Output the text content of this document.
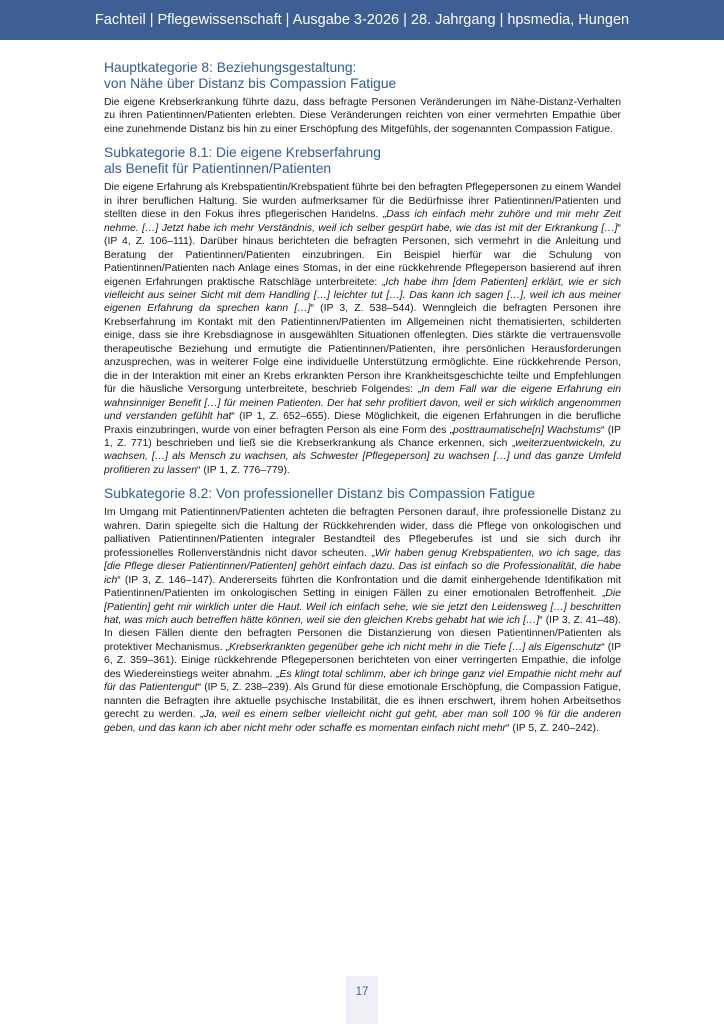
Fachteil | Pflegewissenschaft | Ausgabe 3-2026 | 28. Jahrgang | hpsmedia, Hungen
Hauptkategorie 8: Beziehungsgestaltung:
von Nähe über Distanz bis Compassion Fatigue

Die eigene Krebserkrankung führte dazu, dass befragte Personen Veränderungen im Nähe-Distanz-Verhalten zu ihren Patientinnen/Patienten erlebten. Diese Veränderungen reichten von einer vermehrten Empathie über eine zunehmende Distanz bis hin zu einer Erschöpfung des Mitgefühls, der sogenannten Compassion Fatigue.

Subkategorie 8.1: Die eigene Krebserfahrung
als Benefit für Patientinnen/Patienten

Die eigene Erfahrung als Krebspatientin/Krebspatient führte bei den befragten Pflegepersonen zu einem Wandel in ihrer beruflichen Haltung. Sie wurden aufmerksamer für die Bedürfnisse ihrer Patientinnen/Patienten und stellten diese in den Fokus ihres pflegerischen Handelns. „Dass ich einfach mehr zuhöre und mir mehr Zeit nehme. […] Jetzt habe ich mehr Verständnis, weil ich selber gespürt habe, wie das ist mit der Erkrankung […]“ (IP 4, Z. 106–111). Darüber hinaus berichteten die befragten Personen, sich vermehrt in die Anleitung und Beratung der Patientinnen/Patienten einzubringen. Ein Beispiel hierfür war die Schulung von Patientinnen/Patienten nach Anlage eines Stomas, in der eine rückkehrende Pflegeperson basierend auf ihren eigenen Erfahrungen praktische Ratschläge unterbreitete: „Ich habe ihm [dem Patienten] erklärt, wie er sich vielleicht aus seiner Sicht mit dem Handling […] leichter tut […]. Das kann ich sagen […], weil ich aus meiner eigenen Erfahrung da sprechen kann […]“ (IP 3, Z. 538–544). Wenngleich die befragten Personen ihre Krebserfahrung im Kontakt mit den Patientinnen/Patienten im Allgemeinen nicht thematisierten, schilderten einige, dass sie ihre Krebsdiagnose in ausgewählten Situationen offenlegten. Dies stärkte die vertrauensvolle therapeutische Beziehung und ermutigte die Patientinnen/Patienten, ihre persönlichen Herausforderungen anzusprechen, was in weiterer Folge eine individuelle Unterstützung ermöglichte. Eine rückkehrende Person, die in der Interaktion mit einer an Krebs erkrankten Person ihre Krankheitsgeschichte teilte und Empfehlungen für die häusliche Versorgung unterbreitete, beschrieb Folgendes: „In dem Fall war die eigene Erfahrung ein wahnsinniger Benefit […] für meinen Patienten. Der hat sehr profitiert davon, weil er sich wirklich angenommen und verstanden gefühlt hat“ (IP 1, Z. 652–655). Diese Möglichkeit, die eigenen Erfahrungen in die berufliche Praxis einzubringen, wurde von einer befragten Person als eine Form des „posttraumatische[n] Wachstums“ (IP 1, Z. 771) beschrieben und ließ sie die Krebserkrankung als Chance erkennen, sich „weiterzuentwickeln, zu wachsen, […] als Mensch zu wachsen, als Schwester [Pflegeperson] zu wachsen […] und das ganze Umfeld profitieren zu lassen“ (IP 1, Z. 776–779).

Subkategorie 8.2: Von professioneller Distanz bis Compassion Fatigue

Im Umgang mit Patientinnen/Patienten achteten die befragten Personen darauf, ihre professionelle Distanz zu wahren. Darin spiegelte sich die Haltung der Rückkehrenden wider, dass die Pflege von onkologischen und palliativen Patientinnen/Patienten integraler Bestandteil des Pflegeberufes ist und sie sich durch ihr professionelles Rollenverständnis nicht davor scheuten. „Wir haben genug Krebspatienten, wo ich sage, das [die Pflege dieser Patientinnen/Patienten] gehört einfach dazu. Das ist einfach so die Professionalität, die habe ich“ (IP 3, Z. 146–147). Andererseits führten die Konfrontation und die damit einhergehende Identifikation mit Patientinnen/Patienten im onkologischen Setting in einigen Fällen zu einer emotionalen Betroffenheit. „Die [Patientin] geht mir wirklich unter die Haut. Weil ich einfach sehe, wie sie jetzt den Leidensweg […] beschritten hat, was mich auch betreffen hätte können, weil sie den gleichen Krebs gehabt hat wie ich […]“ (IP 3, Z. 41–48). In diesen Fällen diente den befragten Personen die Distanzierung von diesen Patientinnen/Patienten als protektiver Mechanismus. „Krebserkrankten gegenüber gehe ich nicht mehr in die Tiefe […] als Eigenschutz“ (IP 6, Z. 359–361). Einige rückkehrende Pflegepersonen berichteten von einer verringerten Empathie, die infolge des Wiedereinstiegs weiter abnahm. „Es klingt total schlimm, aber ich bringe ganz viel Empathie nicht mehr auf für das Patientengut“ (IP 5, Z. 238–239). Als Grund für diese emotionale Erschöpfung, die Compassion Fatigue, nannten die Befragten ihre aktuelle psychische Instabilität, die es ihnen erschwert, ihrem hohen Arbeitsethos gerecht zu werden. „Ja, weil es einem selber vielleicht nicht gut geht, aber man soll 100 % für die anderen geben, und das kann ich aber nicht mehr oder schaffe es momentan einfach nicht mehr“ (IP 5, Z. 240–242).

17
